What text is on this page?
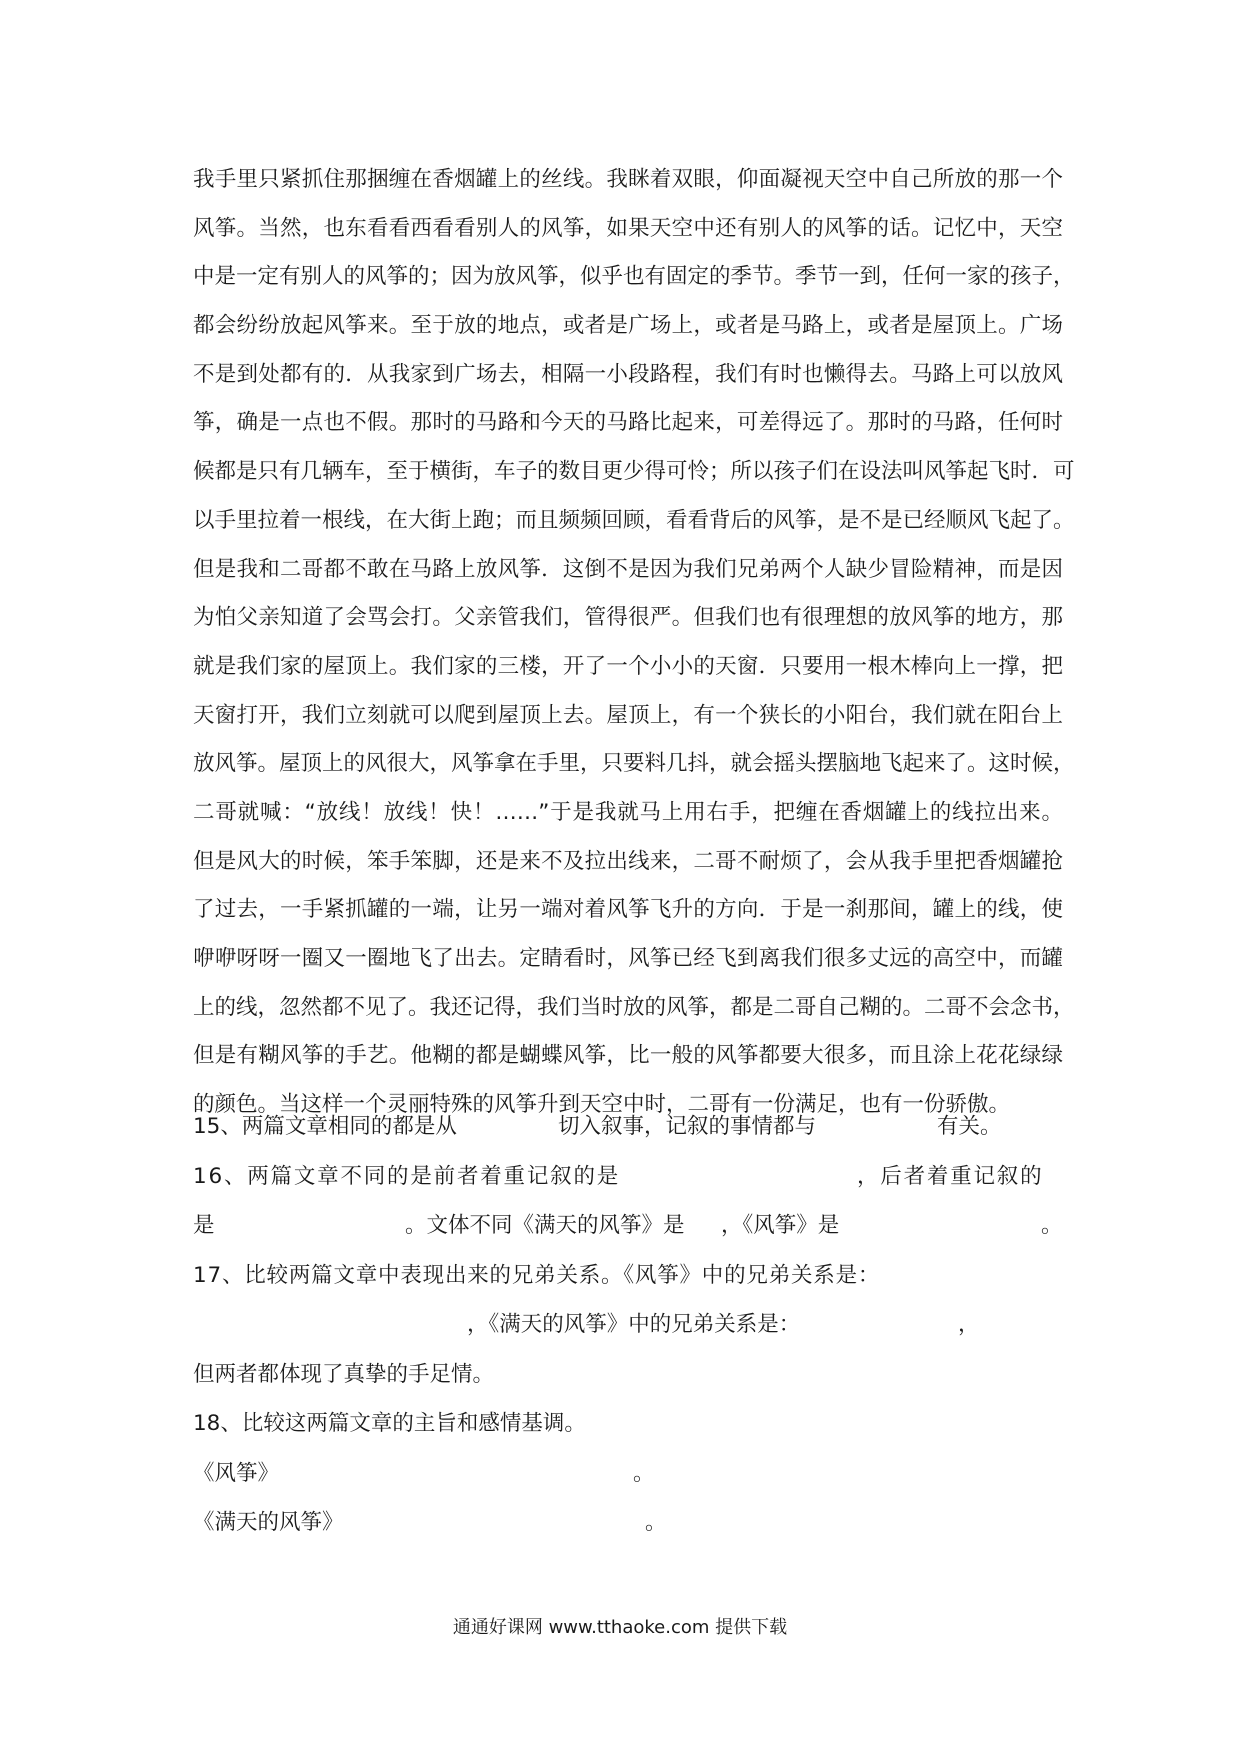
我手里只紧抓住那捆缠在香烟罐上的丝线。我眯着双眼，仰面凝视天空中自己所放的那一个
风筝。当然，也东看看西看看别人的风筝，如果天空中还有别人的风筝的话。记忆中，天空
中是一定有别人的风筝的；因为放风筝，似乎也有固定的季节。季节一到，任何一家的孩子，
都会纷纷放起风筝来。至于放的地点，或者是广场上，或者是马路上，或者是屋顶上。广场
不是到处都有的．从我家到广场去，相隔一小段路程，我们有时也懒得去。马路上可以放风
筝，确是一点也不假。那时的马路和今天的马路比起来，可差得远了。那时的马路，任何时
候都是只有几辆车，至于横街，车子的数目更少得可怜；所以孩子们在设法叫风筝起飞时．可
以手里拉着一根线，在大街上跑；而且频频回顾，看看背后的风筝，是不是已经顺风飞起了。
但是我和二哥都不敢在马路上放风筝．这倒不是因为我们兄弟两个人缺少冒险精神，而是因
为怕父亲知道了会骂会打。父亲管我们，管得很严。但我们也有很理想的放风筝的地方，那
就是我们家的屋顶上。我们家的三楼，开了一个小小的天窗．只要用一根木棒向上一撑，把
天窗打开，我们立刻就可以爬到屋顶上去。屋顶上，有一个狭长的小阳台，我们就在阳台上
放风筝。屋顶上的风很大，风筝拿在手里，只要料几抖，就会摇头摆脑地飞起来了。这时候，
二哥就喊：“放线！放线！快！……”于是我就马上用右手，把缠在香烟罐上的线拉出来。
但是风大的时候，笨手笨脚，还是来不及拉出线来，二哥不耐烦了，会从我手里把香烟罐抢
了过去，一手紧抓罐的一端，让另一端对着风筝飞升的方向．于是一刹那间，罐上的线，使
咿咿呀呀一圈又一圈地飞了出去。定睛看时，风筝已经飞到离我们很多丈远的高空中，而罐
上的线，忽然都不见了。我还记得，我们当时放的风筝，都是二哥自己糊的。二哥不会念书，
但是有糊风筝的手艺。他糊的都是蝴蝶风筝，比一般的风筝都要大很多，而且涂上花花绿绿
的颜色。当这样一个灵丽特殊的风筝升到天空中时，二哥有一份满足，也有一份骄傲。
15、两篇文章相同的都是从	切入叙事，记叙的事情都与	有关。
16、两篇文章不同的是前者着重记叙的是	，后者着重记叙的
是	。文体不同《满天的风筝》是 ，《风筝》是	。
17、比较两篇文章中表现出来的兄弟关系。《风筝》中的兄弟关系是：
，《满天的风筝》中的兄弟关系是：	，
但两者都体现了真挚的手足情。
18、比较这两篇文章的主旨和感情基调。
《风筝》	。
《满天的风筝》	。
通通好课网 www.tthaoke.com 提供下载
